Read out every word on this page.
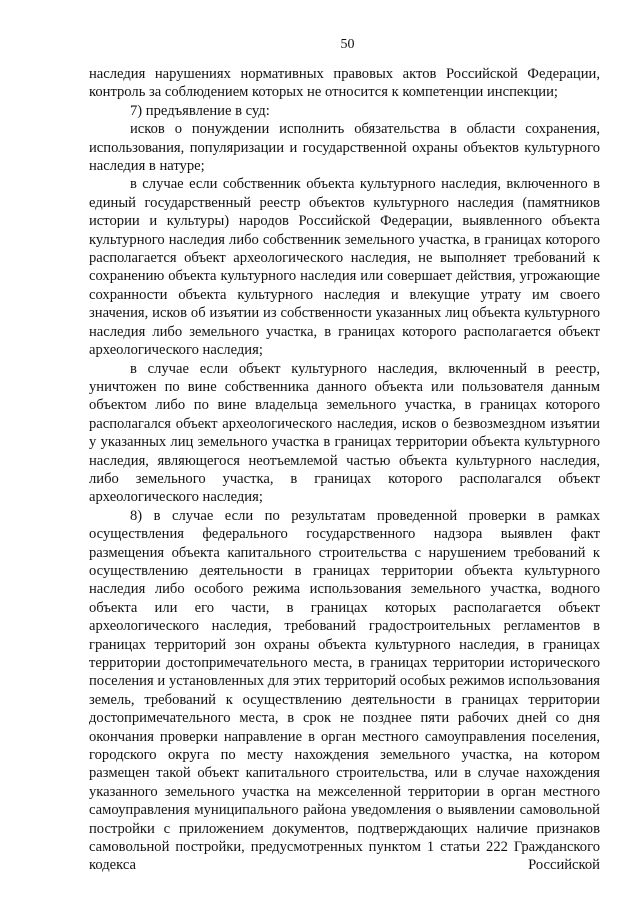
50

наследия нарушениях нормативных правовых актов Российской Федерации, контроль за соблюдением которых не относится к компетенции инспекции;

7) предъявление в суд:

исков о понуждении исполнить обязательства в области сохранения, использования, популяризации и государственной охраны объектов культурного наследия в натуре;

в случае если собственник объекта культурного наследия, включенного в единый государственный реестр объектов культурного наследия (памятников истории и культуры) народов Российской Федерации, выявленного объекта культурного наследия либо собственник земельного участка, в границах которого располагается объект археологического наследия, не выполняет требований к сохранению объекта культурного наследия или совершает действия, угрожающие сохранности объекта культурного наследия и влекущие утрату им своего значения, исков об изъятии из собственности указанных лиц объекта культурного наследия либо земельного участка, в границах которого располагается объект археологического наследия;

в случае если объект культурного наследия, включенный в реестр, уничтожен по вине собственника данного объекта или пользователя данным объектом либо по вине владельца земельного участка, в границах которого располагался объект археологического наследия, исков о безвозмездном изъятии у указанных лиц земельного участка в границах территории объекта культурного наследия, являющегося неотъемлемой частью объекта культурного наследия, либо земельного участка, в границах которого располагался объект археологического наследия;

8) в случае если по результатам проведенной проверки в рамках осуществления федерального государственного надзора выявлен факт размещения объекта капитального строительства с нарушением требований к осуществлению деятельности в границах территории объекта культурного наследия либо особого режима использования земельного участка, водного объекта или его части, в границах которых располагается объект археологического наследия, требований градостроительных регламентов в границах территорий зон охраны объекта культурного наследия, в границах территории достопримечательного места, в границах территории исторического поселения и установленных для этих территорий особых режимов использования земель, требований к осуществлению деятельности в границах территории достопримечательного места, в срок не позднее пяти рабочих дней со дня окончания проверки направление в орган местного самоуправления поселения, городского округа по месту нахождения земельного участка, на котором размещен такой объект капитального строительства, или в случае нахождения указанного земельного участка на межселенной территории в орган местного самоуправления муниципального района уведомления о выявлении самовольной постройки с приложением документов, подтверждающих наличие признаков самовольной постройки, предусмотренных пунктом 1 статьи 222 Гражданского кодекса Российской
